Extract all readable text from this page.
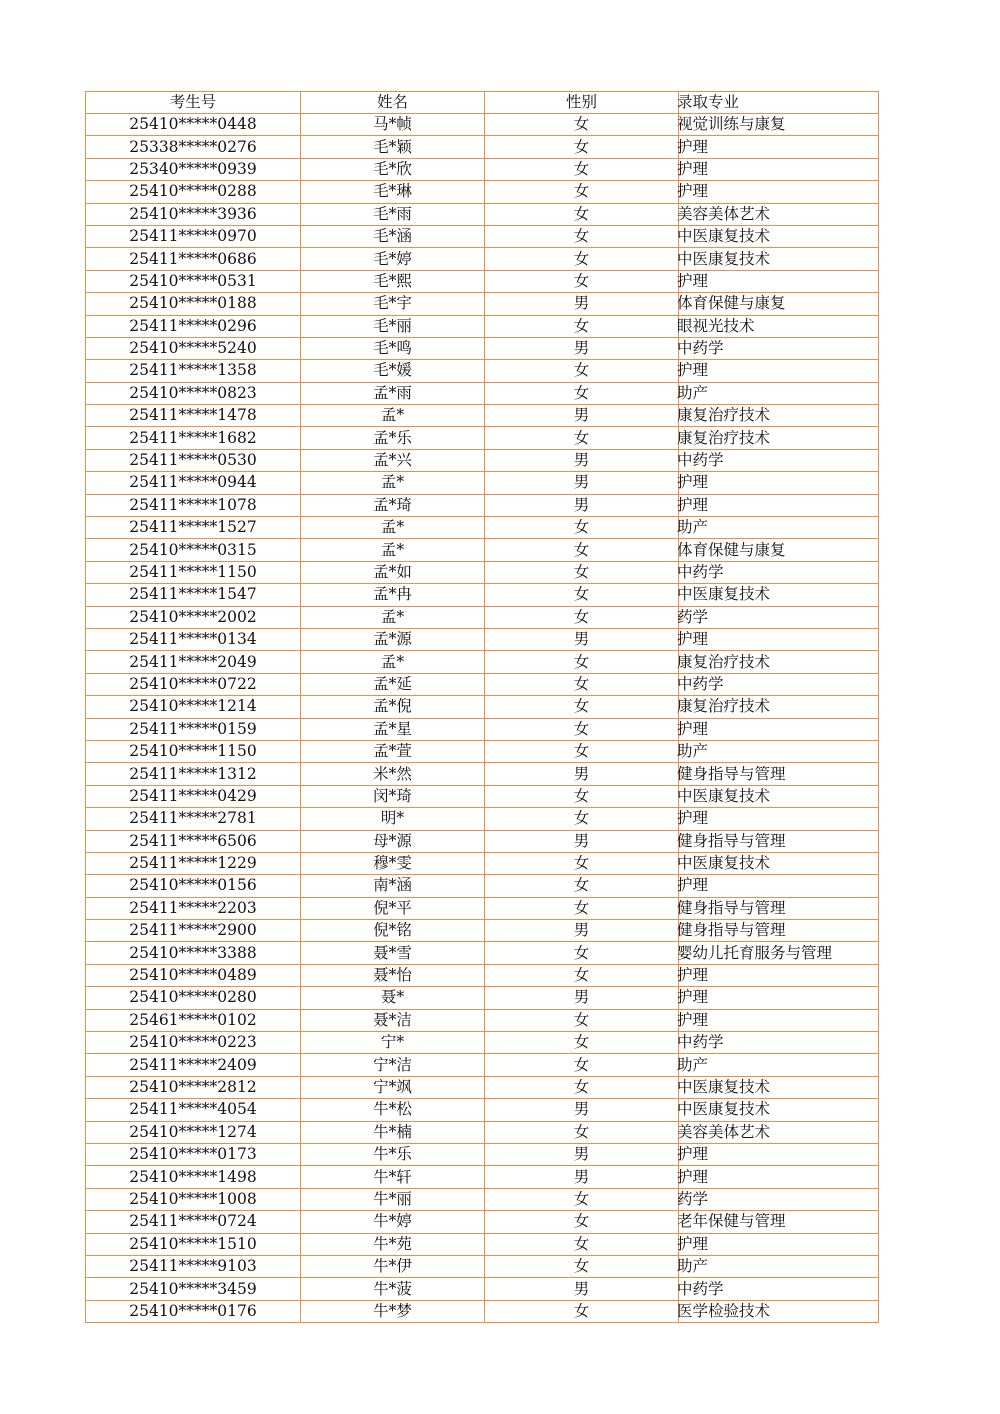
考生号	姓名	性别	录取专业
25410*****0448	马*帧	女	视觉训练与康复
25338*****0276	毛*颖	女	护理
25340*****0939	毛*欣	女	护理
25410*****0288	毛*琳	女	护理
25410*****3936	毛*雨	女	美容美体艺术
25411*****0970	毛*涵	女	中医康复技术
25411*****0686	毛*婷	女	中医康复技术
25410*****0531	毛*熙	女	护理
25410*****0188	毛*宇	男	体育保健与康复
25411*****0296	毛*丽	女	眼视光技术
25410*****5240	毛*鸣	男	中药学
25411*****1358	毛*媛	女	护理
25410*****0823	孟*雨	女	助产
25411*****1478	孟*	男	康复治疗技术
25411*****1682	孟*乐	女	康复治疗技术
25411*****0530	孟*兴	男	中药学
25411*****0944	孟*	男	护理
25411*****1078	孟*琦	男	护理
25411*****1527	孟*	女	助产
25410*****0315	孟*	女	体育保健与康复
25411*****1150	孟*如	女	中药学
25411*****1547	孟*冉	女	中医康复技术
25410*****2002	孟*	女	药学
25411*****0134	孟*源	男	护理
25411*****2049	孟*	女	康复治疗技术
25410*****0722	孟*延	女	中药学
25410*****1214	孟*倪	女	康复治疗技术
25411*****0159	孟*星	女	护理
25410*****1150	孟*萱	女	助产
25411*****1312	米*然	男	健身指导与管理
25411*****0429	闵*琦	女	中医康复技术
25411*****2781	明*	女	护理
25411*****6506	母*源	男	健身指导与管理
25411*****1229	穆*雯	女	中医康复技术
25410*****0156	南*涵	女	护理
25411*****2203	倪*平	女	健身指导与管理
25411*****2900	倪*铭	男	健身指导与管理
25410*****3388	聂*雪	女	婴幼儿托育服务与管理
25410*****0489	聂*怡	女	护理
25410*****0280	聂*	男	护理
25461*****0102	聂*洁	女	护理
25410*****0223	宁*	女	中药学
25411*****2409	宁*洁	女	助产
25410*****2812	宁*飒	女	中医康复技术
25411*****4054	牛*松	男	中医康复技术
25410*****1274	牛*楠	女	美容美体艺术
25410*****0173	牛*乐	男	护理
25410*****1498	牛*轩	男	护理
25410*****1008	牛*丽	女	药学
25411*****0724	牛*婷	女	老年保健与管理
25410*****1510	牛*苑	女	护理
25411*****9103	牛*伊	女	助产
25410*****3459	牛*菠	男	中药学
25410*****0176	牛*梦	女	医学检验技术
